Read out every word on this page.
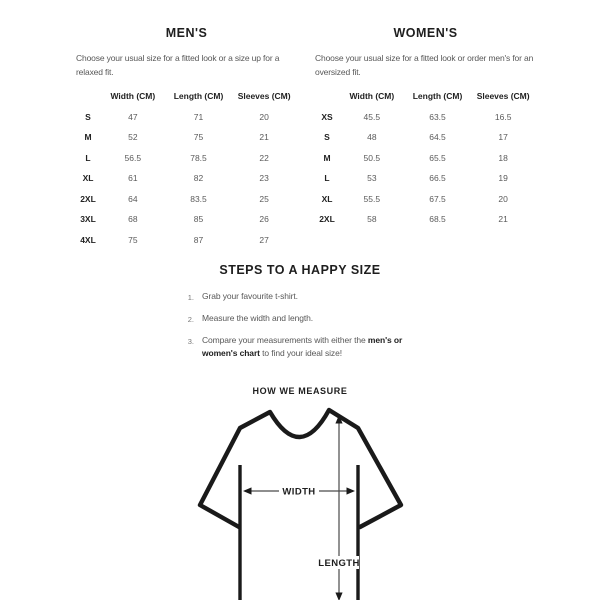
MEN'S

Choose your usual size for a fitted look or a size up for a relaxed fit.

Width (CM)	Length (CM)	Sleeves (CM)
S	47	71	20
M	52	75	21
L	56.5	78.5	22
XL	61	82	23
2XL	64	83.5	25
3XL	68	85	26
4XL	75	87	27
WOMEN'S

Choose your usual size for a fitted look or order men's for an oversized fit.

Width (CM)	Length (CM)	Sleeves (CM)
XS	45.5	63.5	16.5
S	48	64.5	17
M	50.5	65.5	18
L	53	66.5	19
XL	55.5	67.5	20
2XL	58	68.5	21
STEPS TO A HAPPY SIZE
1. Grab your favourite t-shirt.
2. Measure the width and length.
3. Compare your measurements with either the men's or women's chart to find your ideal size!
HOW WE MEASURE
LENGTH
WIDTH
